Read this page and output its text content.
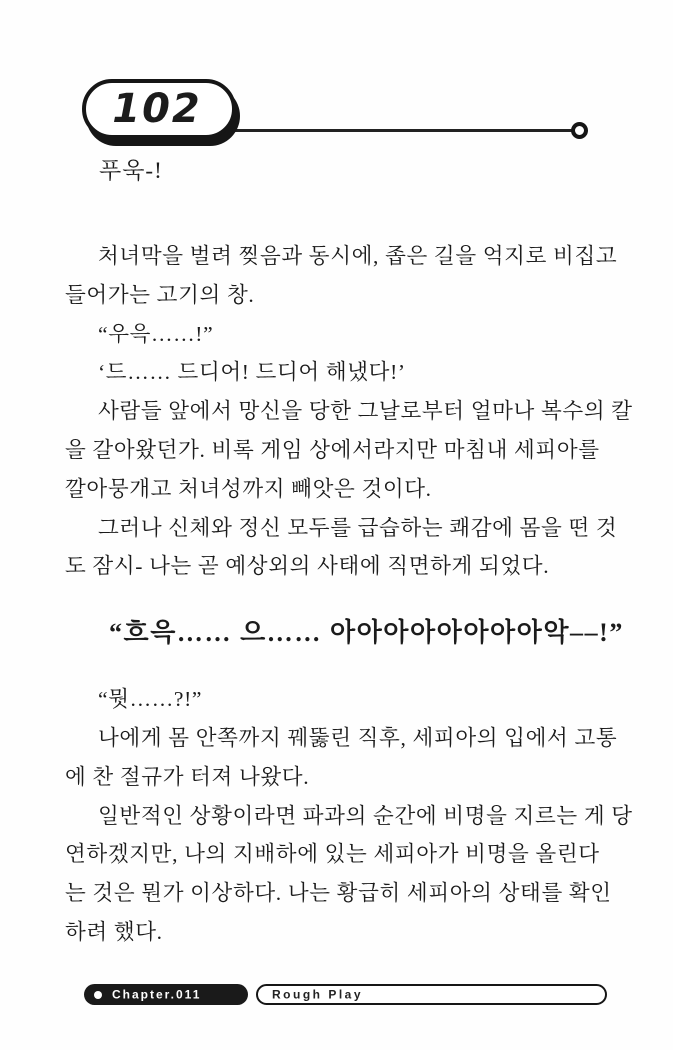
102
푸욱-!
처녀막을 벌려 찢음과 동시에, 좁은 길을 억지로 비집고
들어가는 고기의 창.
“우윽……!”
‘드…… 드디어! 드디어 해냈다!’
사람들 앞에서 망신을 당한 그날로부터 얼마나 복수의 칼
을 갈아왔던가. 비록 게임 상에서라지만 마침내 세피아를
깔아뭉개고 처녀성까지 빼앗은 것이다.
그러나 신체와 정신 모두를 급습하는 쾌감에 몸을 떤 것
도 잠시- 나는 곧 예상외의 사태에 직면하게 되었다.
“흐윽…… 으…… 아아아아아아아아악––!”
“뭣……?!”
나에게 몸 안쪽까지 꿰뚫린 직후, 세피아의 입에서 고통
에 찬 절규가 터져 나왔다.
일반적인 상황이라면 파과의 순간에 비명을 지르는 게 당
연하겠지만, 나의 지배하에 있는 세피아가 비명을 올린다
는 것은 뭔가 이상하다. 나는 황급히 세피아의 상태를 확인
하려 했다.
Chapter.011	Rough Play
